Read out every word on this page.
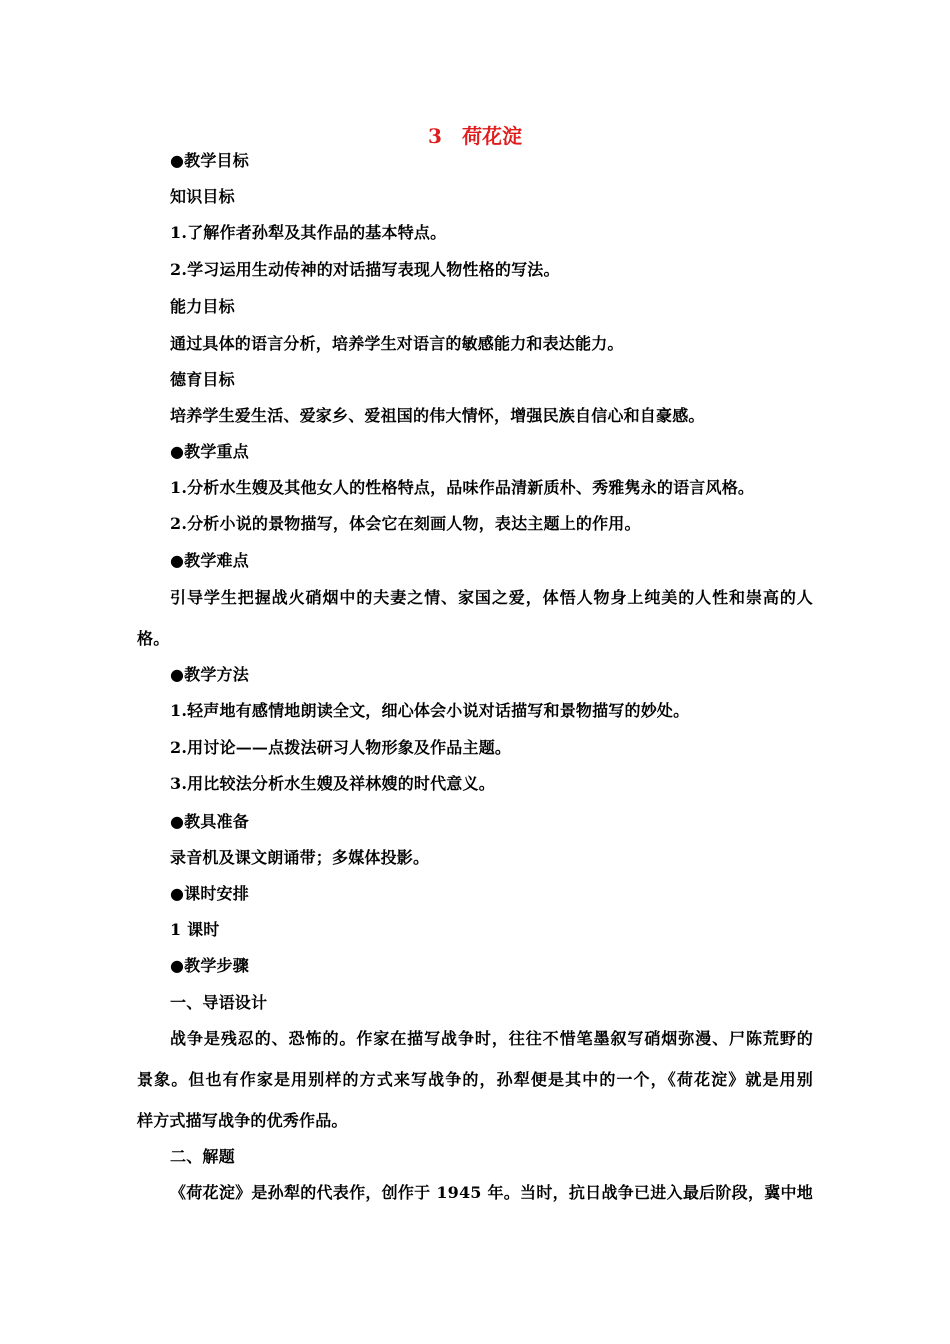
3　荷花淀
●教学目标
知识目标
1.了解作者孙犁及其作品的基本特点。
2.学习运用生动传神的对话描写表现人物性格的写法。
能力目标
通过具体的语言分析，培养学生对语言的敏感能力和表达能力。
德育目标
培养学生爱生活、爱家乡、爱祖国的伟大情怀，增强民族自信心和自豪感。
●教学重点
1.分析水生嫂及其他女人的性格特点，品味作品清新质朴、秀雅隽永的语言风格。
2.分析小说的景物描写，体会它在刻画人物，表达主题上的作用。
●教学难点
引导学生把握战火硝烟中的夫妻之情、家国之爱，体悟人物身上纯美的人性和崇高的人
格。
●教学方法
1.轻声地有感情地朗读全文，细心体会小说对话描写和景物描写的妙处。
2.用讨论——点拨法研习人物形象及作品主题。
3.用比较法分析水生嫂及祥林嫂的时代意义。
●教具准备
录音机及课文朗诵带；多媒体投影。
●课时安排
1 课时
●教学步骤
一、导语设计
战争是残忍的、恐怖的。作家在描写战争时，往往不惜笔墨叙写硝烟弥漫、尸陈荒野的
景象。但也有作家是用别样的方式来写战争的，孙犁便是其中的一个，《荷花淀》就是用别
样方式描写战争的优秀作品。
二、解题
《荷花淀》是孙犁的代表作，创作于 1945 年。当时，抗日战争已进入最后阶段，冀中地
